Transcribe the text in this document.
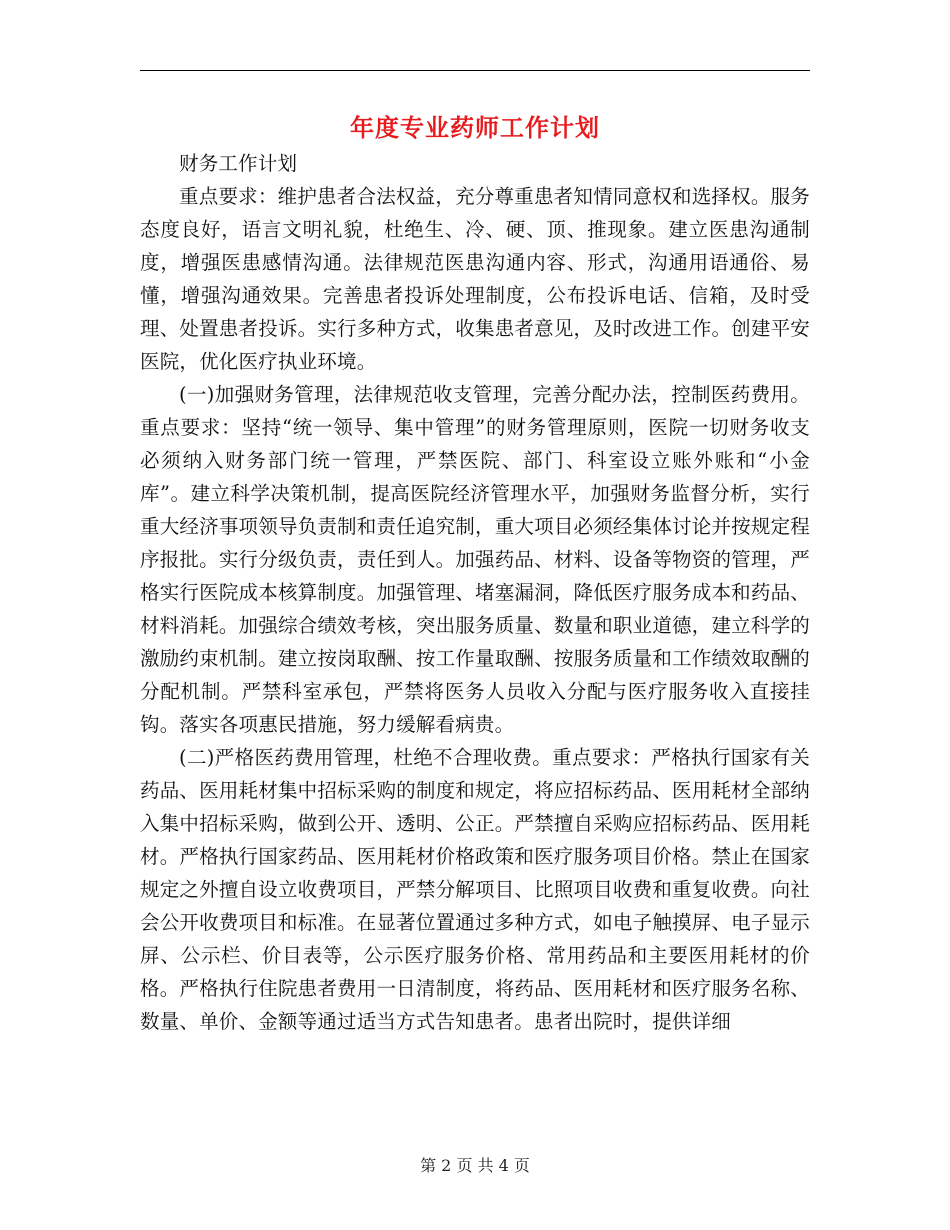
年度专业药师工作计划

财务工作计划

重点要求：维护患者合法权益，充分尊重患者知情同意权和选择权。服务态度良好，语言文明礼貌，杜绝生、冷、硬、顶、推现象。建立医患沟通制度，增强医患感情沟通。法律规范医患沟通内容、形式，沟通用语通俗、易懂，增强沟通效果。完善患者投诉处理制度，公布投诉电话、信箱，及时受理、处置患者投诉。实行多种方式，收集患者意见，及时改进工作。创建平安医院，优化医疗执业环境。

(一)加强财务管理，法律规范收支管理，完善分配办法，控制医药费用。重点要求：坚持“统一领导、集中管理”的财务管理原则，医院一切财务收支必须纳入财务部门统一管理，严禁医院、部门、科室设立账外账和“小金库”。建立科学决策机制，提高医院经济管理水平，加强财务监督分析，实行重大经济事项领导负责制和责任追究制，重大项目必须经集体讨论并按规定程序报批。实行分级负责，责任到人。加强药品、材料、设备等物资的管理，严格实行医院成本核算制度。加强管理、堵塞漏洞，降低医疗服务成本和药品、材料消耗。加强综合绩效考核，突出服务质量、数量和职业道德，建立科学的激励约束机制。建立按岗取酬、按工作量取酬、按服务质量和工作绩效取酬的分配机制。严禁科室承包，严禁将医务人员收入分配与医疗服务收入直接挂钩。落实各项惠民措施，努力缓解看病贵。

(二)严格医药费用管理，杜绝不合理收费。重点要求：严格执行国家有关药品、医用耗材集中招标采购的制度和规定，将应招标药品、医用耗材全部纳入集中招标采购，做到公开、透明、公正。严禁擅自采购应招标药品、医用耗材。严格执行国家药品、医用耗材价格政策和医疗服务项目价格。禁止在国家规定之外擅自设立收费项目，严禁分解项目、比照项目收费和重复收费。向社会公开收费项目和标准。在显著位置通过多种方式，如电子触摸屏、电子显示屏、公示栏、价目表等，公示医疗服务价格、常用药品和主要医用耗材的价格。严格执行住院患者费用一日清制度，将药品、医用耗材和医疗服务名称、数量、单价、金额等通过适当方式告知患者。患者出院时，提供详细

第 2 页 共 4 页
